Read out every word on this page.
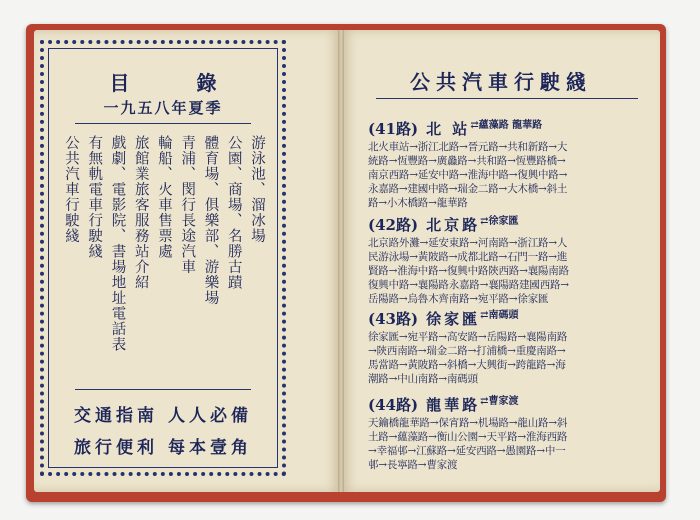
目 錄
一九五八年夏季
游泳池、溜冰場
公園、商場、名勝古蹟
體育場、俱樂部、游樂場
青浦、閔行長途汽車
輪船、火車售票處
旅館業旅客服務站介紹
戲劇、電影院、書場地址電話表
有無軌電車行駛綫
公共汽車行駛綫
交通指南 人人必備
旅行便利 每本壹角
公共汽車行駛綫
(41路) 北 站$^{⇄蘊藻路 龍華路}$
北火車站→浙江北路→晉元路→共和新路→大
統路→恆豐路→廣灥路→共和路→恆豐路橋→
南京西路→延安中路→淮海中路→復興中路→
永嘉路→建國中路→瑞金二路→大木橋→斜土
路→小木橋路→龍華路
(42路) 北京路$^{⇄徐家匯}$
北京路外灘→延安東路→河南路→浙江路→人
民游泳場→黃陂路→成都北路→石門一路→進
賢路→淮海中路→復興中路陝西路→襄陽南路
復興中路→襄陽路永嘉路→襄陽路建國西路→
岳陽路→烏魯木齊南路→宛平路→徐家匯
(43路) 徐家匯$^{⇄南碼頭}$
徐家匯→宛平路→高安路→岳陽路→襄陽南路
→陝西南路→瑞金二路→打浦橋→重慶南路→
馬當路→黃陂路→斜橋→大興街→跨龍路→海
潮路→中山南路→南碼頭
(44路) 龍華路$^{⇄曹家渡}$
天鑰橋龍華路→保宵路→机場路→龍山路→斜
土路→蘊藻路→衡山公園→天平路→淮海西路
→幸福邨→江蘇路→延安西路→愚園路→中一
邨→長寧路→曹家渡
